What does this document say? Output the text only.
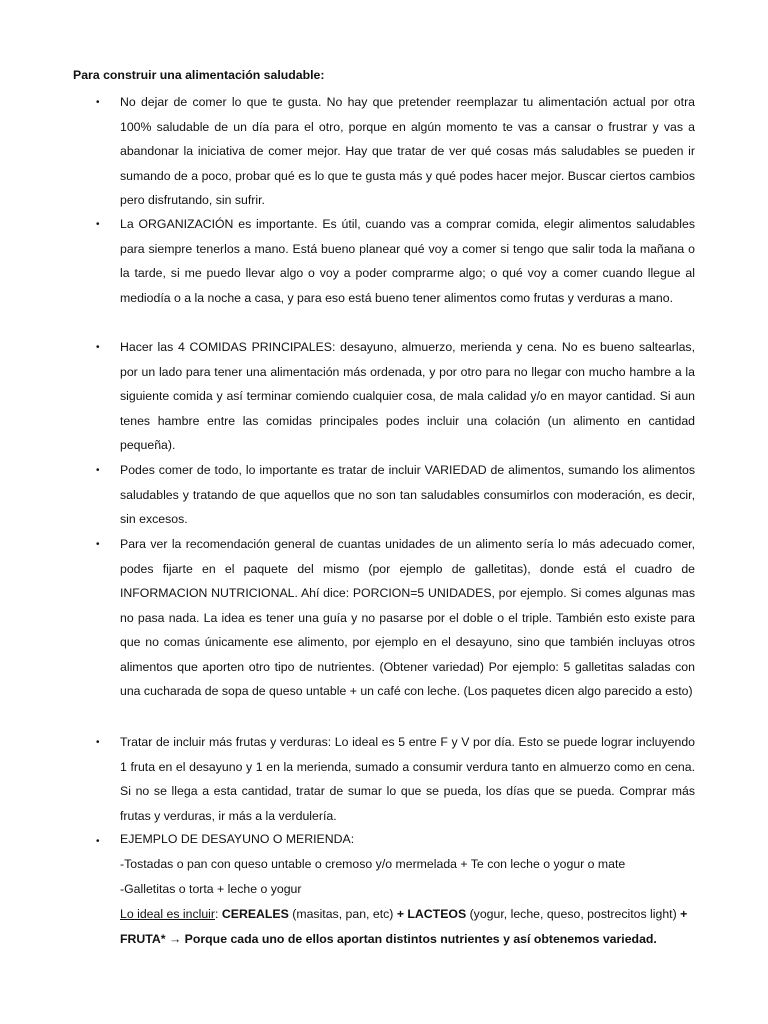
Para construir una alimentación saludable:
• No dejar de comer lo que te gusta. No hay que pretender reemplazar tu alimentación actual por otra 100% saludable de un día para el otro, porque en algún momento te vas a cansar o frustrar y vas a abandonar la iniciativa de comer mejor. Hay que tratar de ver qué cosas más saludables se pueden ir sumando de a poco, probar qué es lo que te gusta más y qué podes hacer mejor. Buscar ciertos cambios pero disfrutando, sin sufrir.
• La ORGANIZACIÓN es importante. Es útil, cuando vas a comprar comida, elegir alimentos saludables para siempre tenerlos a mano. Está bueno planear qué voy a comer si tengo que salir toda la mañana o la tarde, si me puedo llevar algo o voy a poder comprarme algo; o qué voy a comer cuando llegue al mediodía o a la noche a casa, y para eso está bueno tener alimentos como frutas y verduras a mano.
• Hacer las 4 COMIDAS PRINCIPALES: desayuno, almuerzo, merienda y cena. No es bueno saltearlas, por un lado para tener una alimentación más ordenada, y por otro para no llegar con mucho hambre a la siguiente comida y así terminar comiendo cualquier cosa, de mala calidad y/o en mayor cantidad. Si aun tenes hambre entre las comidas principales podes incluir una colación (un alimento en cantidad pequeña).
• Podes comer de todo, lo importante es tratar de incluir VARIEDAD de alimentos, sumando los alimentos saludables y tratando de que aquellos que no son tan saludables consumirlos con moderación, es decir, sin excesos.
• Para ver la recomendación general de cuantas unidades de un alimento sería lo más adecuado comer, podes fijarte en el paquete del mismo (por ejemplo de galletitas), donde está el cuadro de INFORMACION NUTRICIONAL. Ahí dice: PORCION=5 UNIDADES, por ejemplo. Si comes algunas mas no pasa nada. La idea es tener una guía y no pasarse por el doble o el triple. También esto existe para que no comas únicamente ese alimento, por ejemplo en el desayuno, sino que también incluyas otros alimentos que aporten otro tipo de nutrientes. (Obtener variedad) Por ejemplo: 5 galletitas saladas con una cucharada de sopa de queso untable + un café con leche. (Los paquetes dicen algo parecido a esto)
• Tratar de incluir más frutas y verduras: Lo ideal es 5 entre F y V por día. Esto se puede lograr incluyendo 1 fruta en el desayuno y 1 en la merienda, sumado a consumir verdura tanto en almuerzo como en cena. Si no se llega a esta cantidad, tratar de sumar lo que se pueda, los días que se pueda. Comprar más frutas y verduras, ir más a la verdulería.
• EJEMPLO DE DESAYUNO O MERIENDA:
-Tostadas o pan con queso untable o cremoso y/o mermelada + Te con leche o yogur o mate
-Galletitas o torta + leche o yogur
Lo ideal es incluir: CEREALES (masitas, pan, etc) + LACTEOS (yogur, leche, queso, postrecitos light) +
FRUTA* → Porque cada uno de ellos aportan distintos nutrientes y así obtenemos variedad.
